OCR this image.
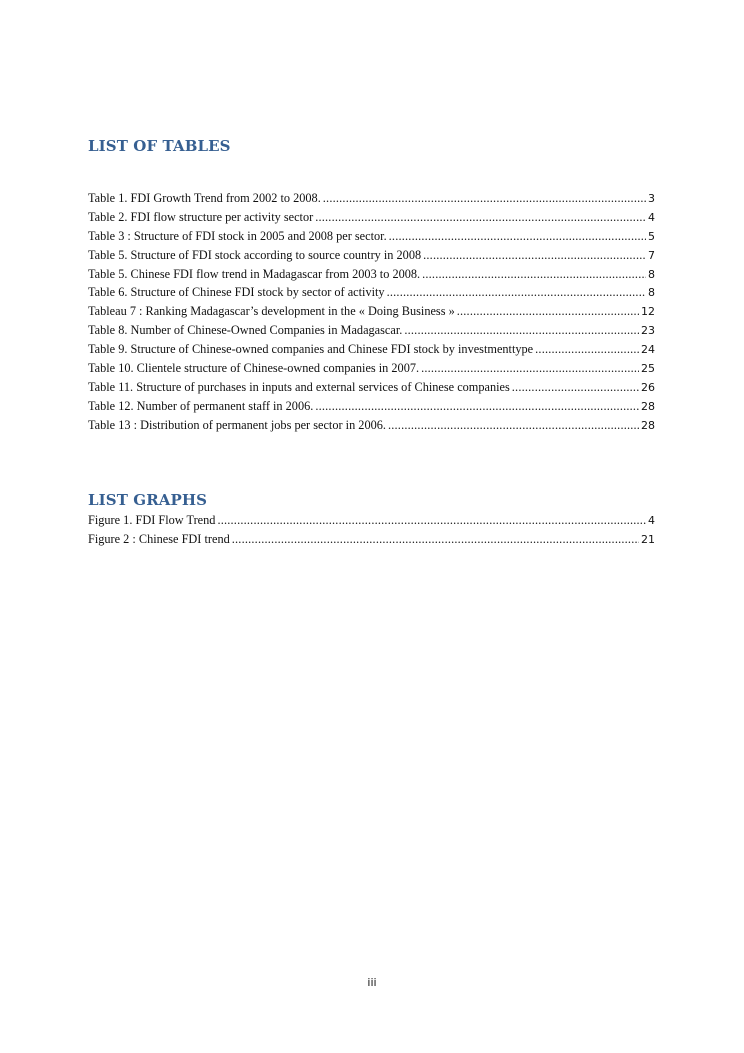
LIST OF TABLES
Table 1. FDI Growth Trend from 2002 to 2008. .....	3
Table 2. FDI flow structure per activity sector .....	4
Table 3 : Structure of FDI stock in 2005 and 2008 per sector. .....	5
Table 5. Structure of FDI stock according to source country in 2008 .....	7
Table 5. Chinese FDI flow trend in Madagascar from 2003 to 2008. .....	8
Table 6. Structure of Chinese FDI stock by sector of activity .....	8
Tableau 7 : Ranking Madagascar’s development in the « Doing Business » .....	12
Table 8. Number of Chinese-Owned Companies in Madagascar. .....	23
Table 9. Structure of Chinese-owned companies and Chinese FDI stock by investmenttype .....	24
Table 10. Clientele structure of Chinese-owned companies in 2007. .....	25
Table 11. Structure of purchases in inputs and external services of Chinese companies .....	26
Table 12. Number of permanent staff in 2006. .....	28
Table 13 : Distribution of permanent jobs per sector in 2006. .....	28
LIST GRAPHS
Figure 1. FDI Flow Trend .....	4
Figure 2 : Chinese FDI trend .....	21
iii
